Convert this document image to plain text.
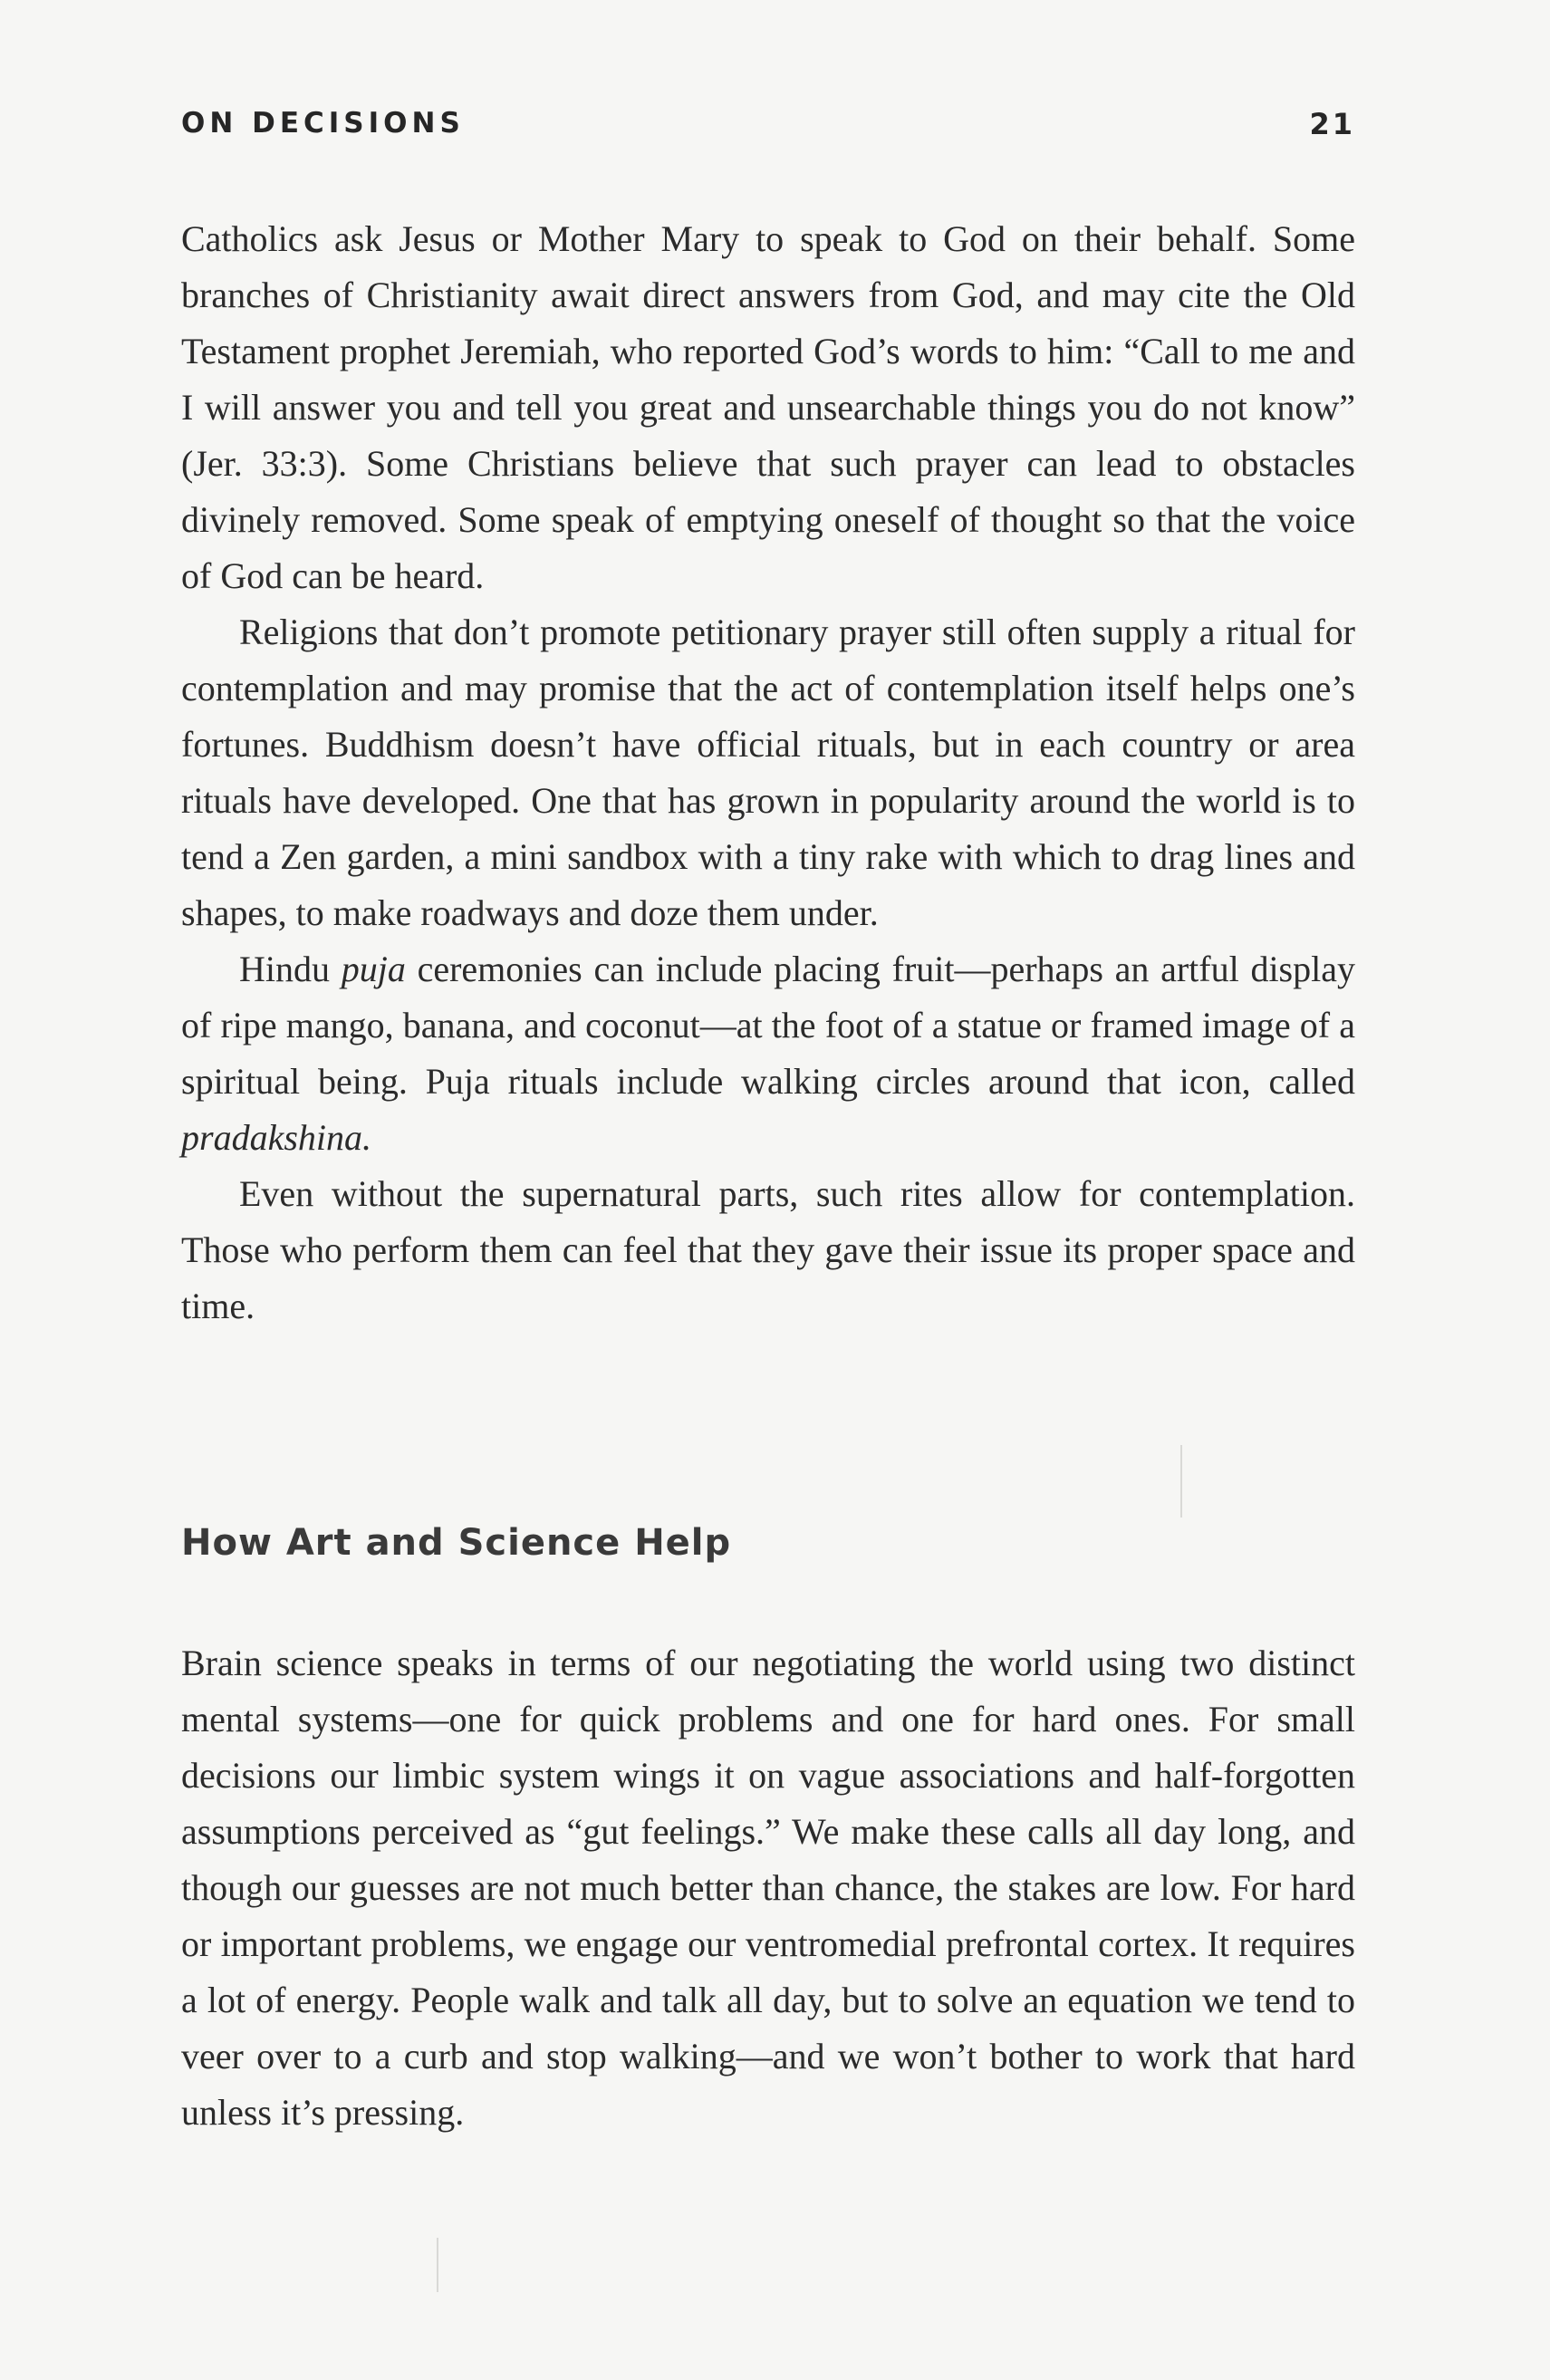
ON DECISIONS	21

Catholics ask Jesus or Mother Mary to speak to God on their behalf. Some branches of Christianity await direct answers from God, and may cite the Old Testament prophet Jeremiah, who reported God’s words to him: “Call to me and I will answer you and tell you great and unsearchable things you do not know” (Jer. 33:3). Some Christians believe that such prayer can lead to obstacles divinely removed. Some speak of emptying oneself of thought so that the voice of God can be heard.

Religions that don’t promote petitionary prayer still often supply a ritual for contemplation and may promise that the act of contemplation itself helps one’s fortunes. Buddhism doesn’t have official rituals, but in each country or area rituals have developed. One that has grown in popularity around the world is to tend a Zen garden, a mini sandbox with a tiny rake with which to drag lines and shapes, to make roadways and doze them under.

Hindu puja ceremonies can include placing fruit—perhaps an artful display of ripe mango, banana, and coconut—at the foot of a statue or framed image of a spiritual being. Puja rituals include walking circles around that icon, called pradakshina.

Even without the supernatural parts, such rites allow for contemplation. Those who perform them can feel that they gave their issue its proper space and time.

How Art and Science Help

Brain science speaks in terms of our negotiating the world using two distinct mental systems—one for quick problems and one for hard ones. For small decisions our limbic system wings it on vague associations and half-forgotten assumptions perceived as “gut feelings.” We make these calls all day long, and though our guesses are not much better than chance, the stakes are low. For hard or important problems, we engage our ventromedial prefrontal cortex. It requires a lot of energy. People walk and talk all day, but to solve an equation we tend to veer over to a curb and stop walking—and we won’t bother to work that hard unless it’s pressing.
